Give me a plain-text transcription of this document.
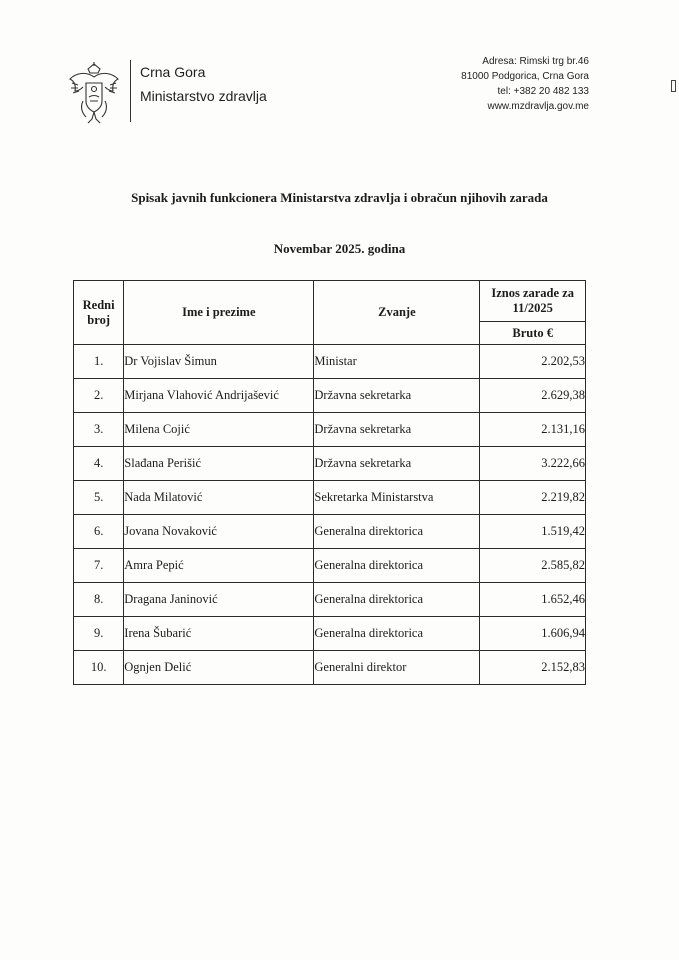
Crna Gora
Ministarstvo zdravlja
Adresa: Rimski trg br.46
81000 Podgorica, Crna Gora
tel: +382 20 482 133
www.mzdravlja.gov.me
Spisak javnih funkcionera Ministarstva zdravlja i obračun njihovih zarada
Novembar 2025. godina
Redni broj	Ime i prezime	Zvanje	Iznos zarade za
11/2025

			Bruto €
1.	Dr Vojislav Šimun	Ministar	2.202,53
2.	Mirjana Vlahović Andrijašević	Državna sekretarka	2.629,38
3.	Milena Cojić	Državna sekretarka	2.131,16
4.	Slađana Perišić	Državna sekretarka	3.222,66
5.	Nada Milatović	Sekretarka Ministarstva	2.219,82
6.	Jovana Novaković	Generalna direktorica	1.519,42
7.	Amra Pepić	Generalna direktorica	2.585,82
8.	Dragana Janinović	Generalna direktorica	1.652,46
9.	Irena Šubarić	Generalna direktorica	1.606,94
10.	Ognjen Delić	Generalni direktor	2.152,83
